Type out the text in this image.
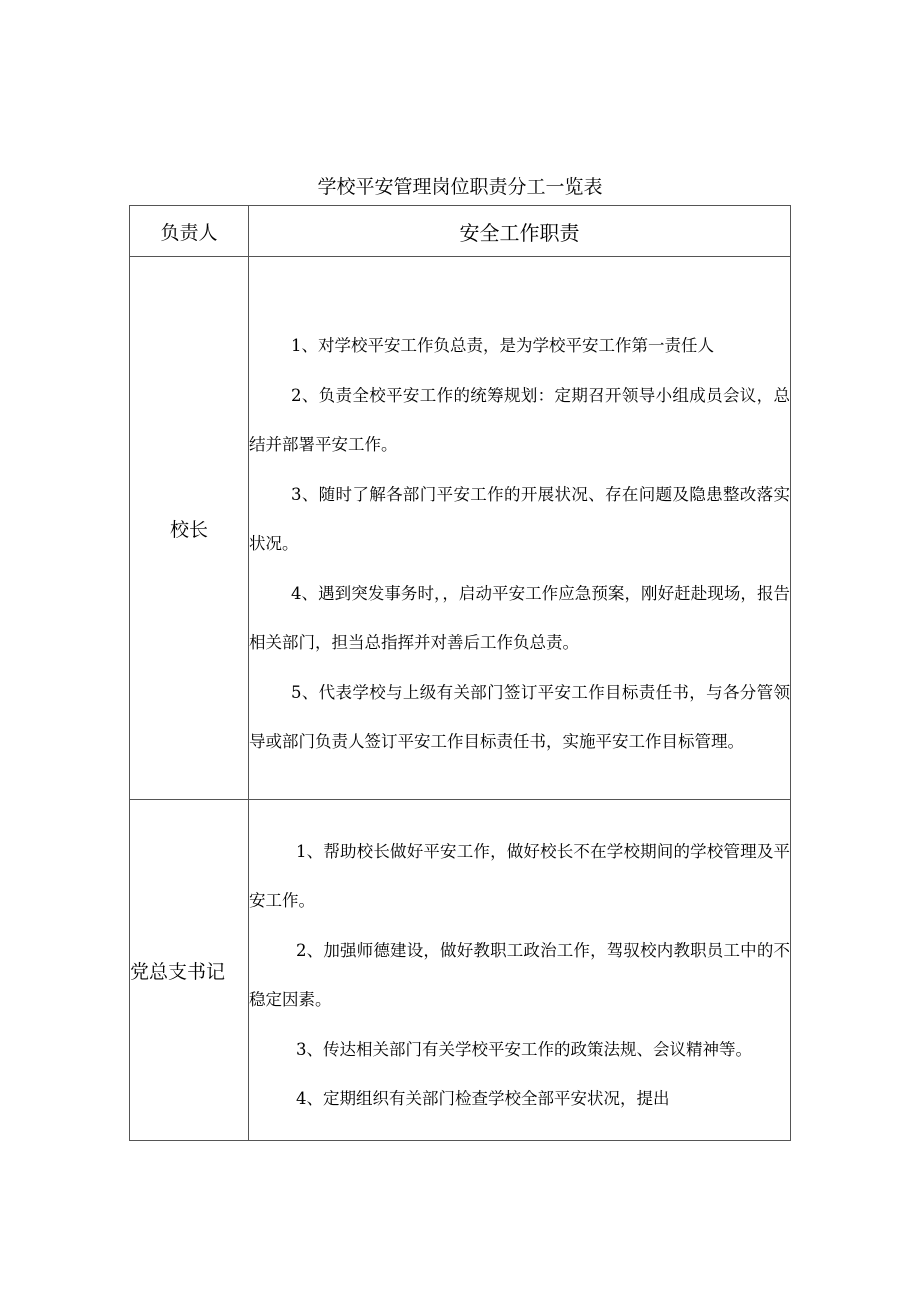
学校平安管理岗位职责分工一览表
负责人	安全工作职责
校长	1、对学校平安工作负总责，是为学校平安工作第一责任人

2、负责全校平安工作的统筹规划：定期召开领导小组成员会议，总结并部署平安工作。

3、随时了解各部门平安工作的开展状况、存在问题及隐患整改落实状况。

4、遇到突发事务时，，启动平安工作应急预案，刚好赶赴现场，报告相关部门，担当总指挥并对善后工作负总责。

5、代表学校与上级有关部门签订平安工作目标责任书，与各分管领导或部门负责人签订平安工作目标责任书，实施平安工作目标管理。

党总支书记	1、帮助校长做好平安工作，做好校长不在学校期间的学校管理及平安工作。

2、加强师德建设，做好教职工政治工作，驾驭校内教职员工中的不稳定因素。

3、传达相关部门有关学校平安工作的政策法规、会议精神等。

4、定期组织有关部门检查学校全部平安状况，提出
